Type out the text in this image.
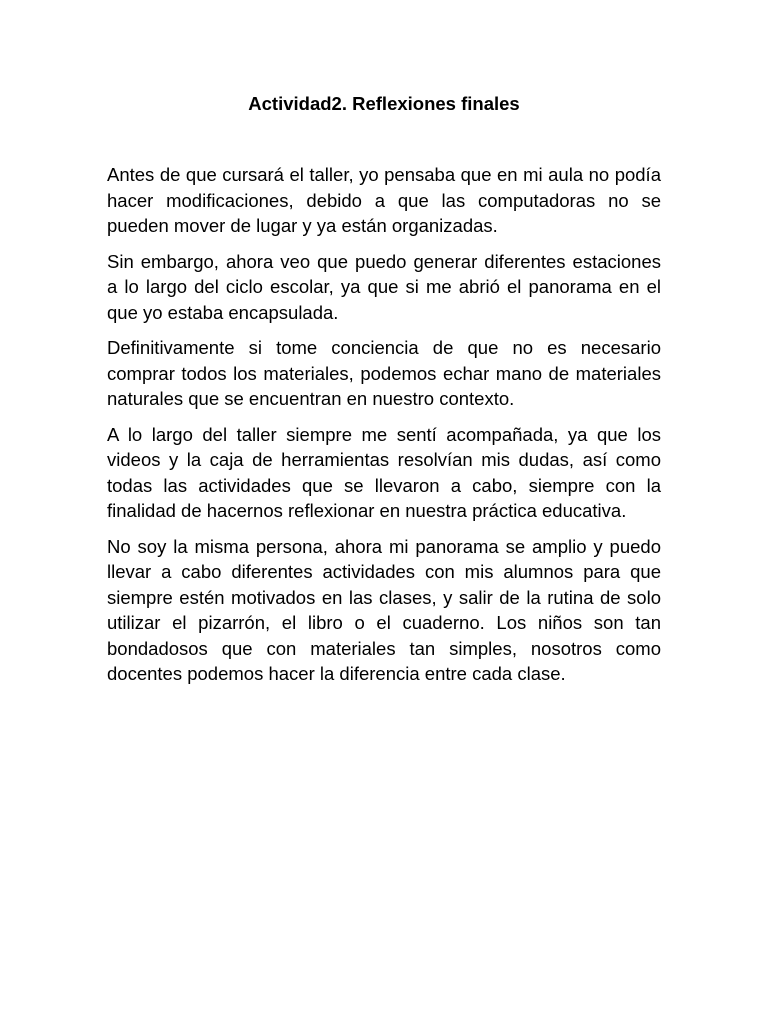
Actividad2. Reflexiones finales

Antes de que cursará el taller, yo pensaba que en mi aula no podía hacer modificaciones, debido a que las computadoras no se pueden mover de lugar y ya están organizadas.

Sin embargo, ahora veo que puedo generar diferentes estaciones a lo largo del ciclo escolar, ya que si me abrió el panorama en el que yo estaba encapsulada.

Definitivamente si tome conciencia de que no es necesario comprar todos los materiales, podemos echar mano de materiales naturales que se encuentran en nuestro contexto.

A lo largo del taller siempre me sentí acompañada, ya que los videos y la caja de herramientas resolvían mis dudas, así como todas las actividades que se llevaron a cabo, siempre con la finalidad de hacernos reflexionar en nuestra práctica educativa.

No soy la misma persona, ahora mi panorama se amplio y puedo llevar a cabo diferentes actividades con mis alumnos para que siempre estén motivados en las clases, y salir de la rutina de solo utilizar el pizarrón, el libro o el cuaderno. Los niños son tan bondadosos que con materiales tan simples, nosotros como docentes podemos hacer la diferencia entre cada clase.
